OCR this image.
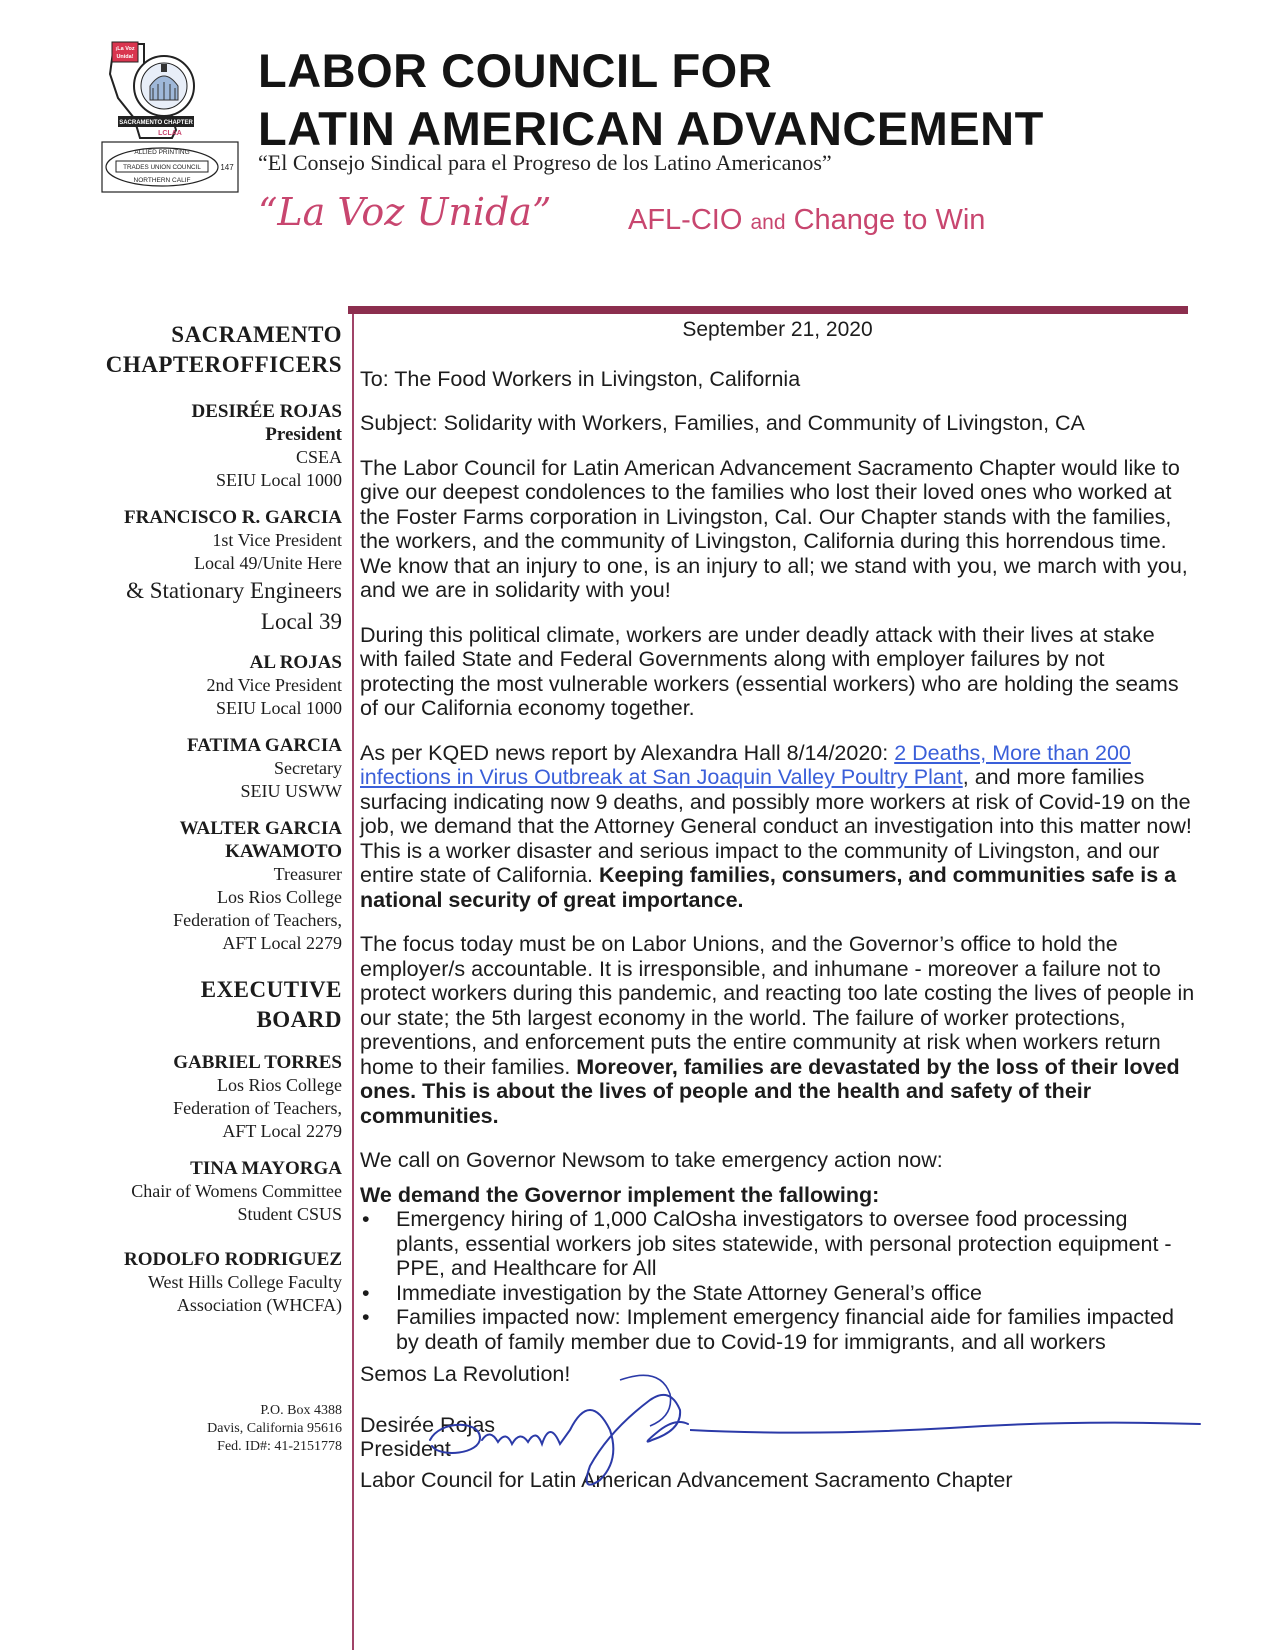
¡La Voz
Unida!
SACRAMENTO CHAPTER
LCLAA
ALLIED PRINTING
TRADES UNION COUNCIL
NORTHERN CALIF
147
LABOR COUNCIL FOR
LATIN AMERICAN ADVANCEMENT
“El Consejo Sindical para el Progreso de los Latino Americanos”
“La Voz Unida”	AFL-CIO and Change to Win
SACRAMENTO
CHAPTEROFFICERS
DESIRÉE ROJAS
President
CSEA
SEIU Local 1000
FRANCISCO R. GARCIA
1st Vice President
Local 49/Unite Here
& Stationary Engineers
Local 39
AL ROJAS
2nd Vice President
SEIU Local 1000
FATIMA GARCIA
Secretary
SEIU USWW
WALTER GARCIA
KAWAMOTO
Treasurer
Los Rios College
Federation of Teachers,
AFT Local 2279
EXECUTIVE
BOARD
GABRIEL TORRES
Los Rios College
Federation of Teachers,
AFT Local 2279
TINA MAYORGA
Chair of Womens Committee
Student CSUS
RODOLFO RODRIGUEZ
West Hills College Faculty
Association (WHCFA)
P.O. Box 4388
Davis, California 95616
Fed. ID#: 41-2151778
September 21, 2020

To: The Food Workers in Livingston, California

Subject: Solidarity with Workers, Families, and Community of Livingston, CA

The Labor Council for Latin American Advancement Sacramento Chapter would like to give our deepest condolences to the families who lost their loved ones who worked at the Foster Farms corporation in Livingston, Cal. Our Chapter stands with the families, the workers, and the community of Livingston, California during this horrendous time. We know that an injury to one, is an injury to all; we stand with you, we march with you, and we are in solidarity with you!

During this political climate, workers are under deadly attack with their lives at stake with failed State and Federal Governments along with employer failures by not protecting the most vulnerable workers (essential workers) who are holding the seams of our California economy together.

As per KQED news report by Alexandra Hall 8/14/2020: 2 Deaths, More than 200 infections in Virus Outbreak at San Joaquin Valley Poultry Plant, and more families surfacing indicating now 9 deaths, and possibly more workers at risk of Covid-19 on the job, we demand that the Attorney General conduct an investigation into this matter now! This is a worker disaster and serious impact to the community of Livingston, and our entire state of California. Keeping families, consumers, and communities safe is a national security of great importance.

The focus today must be on Labor Unions, and the Governor’s office to hold the employer/s accountable. It is irresponsible, and inhumane - moreover a failure not to protect workers during this pandemic, and reacting too late costing the lives of people in our state; the 5th largest economy in the world. The failure of worker protections, preventions, and enforcement puts the entire community at risk when workers return home to their families. Moreover, families are devastated by the loss of their loved ones. This is about the lives of people and the health and safety of their communities.

We call on Governor Newsom to take emergency action now:

We demand the Governor implement the fallowing:
• Emergency hiring of 1,000 CalOsha investigators to oversee food processing plants, essential workers job sites statewide, with personal protection equipment - PPE, and Healthcare for All
• Immediate investigation by the State Attorney General’s office
• Families impacted now: Implement emergency financial aide for families impacted by death of family member due to Covid-19 for immigrants, and all workers

Semos La Revolution!

Desirée Rojas

President

Labor Council for Latin American Advancement Sacramento Chapter
